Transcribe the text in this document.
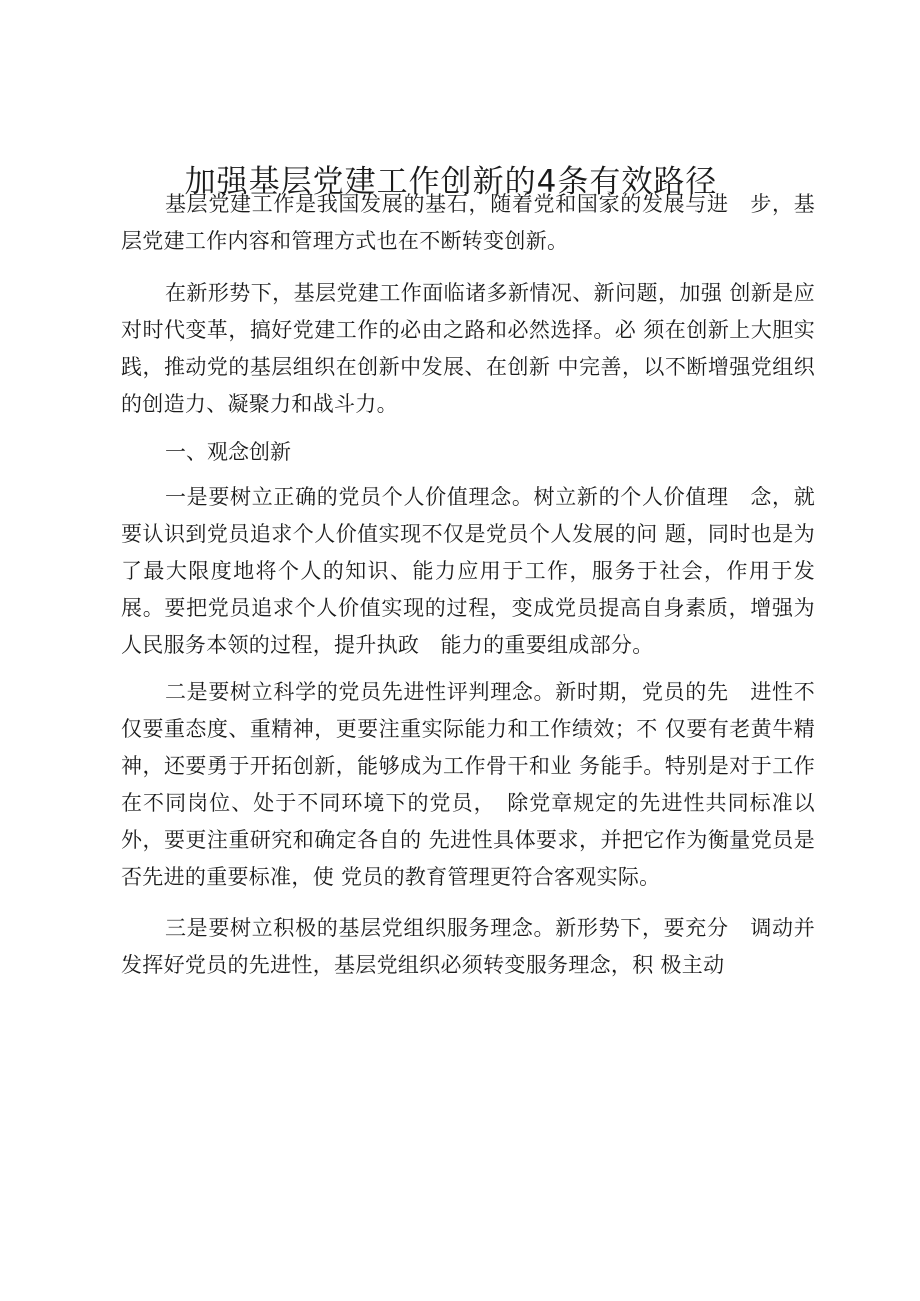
加强基层党建工作创新的4条有效路径

基层党建工作是我国发展的基石，随着党和国家的发展与进　步，基层党建工作内容和管理方式也在不断转变创新。

在新形势下，基层党建工作面临诸多新情况、新问题，加强 创新是应对时代变革，搞好党建工作的必由之路和必然选择。必 须在创新上大胆实践，推动党的基层组织在创新中发展、在创新 中完善，以不断增强党组织的创造力、凝聚力和战斗力。

一、观念创新

一是要树立正确的党员个人价值理念。树立新的个人价值理　念，就要认识到党员追求个人价值实现不仅是党员个人发展的问 题，同时也是为了最大限度地将个人的知识、能力应用于工作，服务于社会，作用于发展。要把党员追求个人价值实现的过程，变成党员提高自身素质，增强为人民服务本领的过程，提升执政　能力的重要组成部分。

二是要树立科学的党员先进性评判理念。新时期，党员的先　进性不仅要重态度、重精神，更要注重实际能力和工作绩效；不 仅要有老黄牛精神，还要勇于开拓创新，能够成为工作骨干和业 务能手。特别是对于工作在不同岗位、处于不同环境下的党员，　除党章规定的先进性共同标准以外，要更注重研究和确定各自的 先进性具体要求，并把它作为衡量党员是否先进的重要标准，使 党员的教育管理更符合客观实际。

三是要树立积极的基层党组织服务理念。新形势下，要充分　调动并发挥好党员的先进性，基层党组织必须转变服务理念，积 极主动
